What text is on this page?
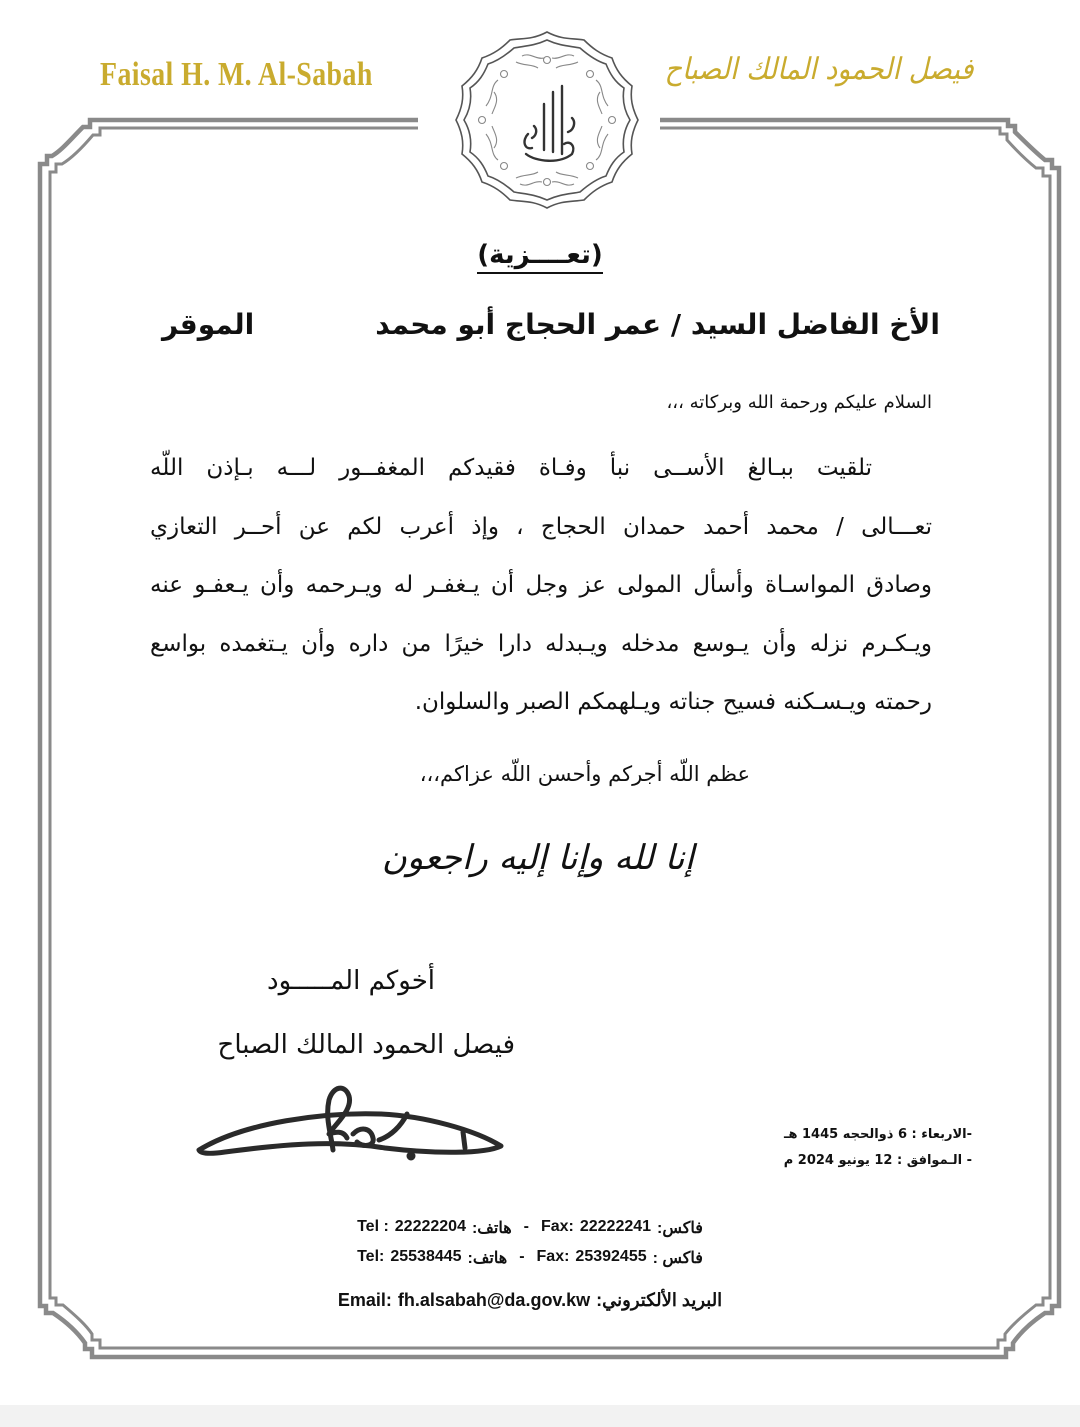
Faisal H. M. Al-Sabah	فيصل الحمود المالك الصباح
(تعــــزية)
الأخ الفاضل السيد / عمر الحجاج أبو محمد
الموقر
السلام عليكم ورحمة الله وبركاته ،،،
تلقيت ببـالغ الأســى نبأ وفـاة فقيدكم المغفــور لـــه بـإذن اللّه
تعـــالى / محمد أحمد حمدان الحجاج ، وإذ أعرب لكم عن أحــر التعازي
وصادق المواسـاة وأسأل المولى عز وجل أن يـغفـر له ويـرحمه وأن يـعفـو عنه
ويـكـرم نزله وأن يـوسع مدخله ويـبدله دارا خيرًا من داره وأن يـتغمده بواسع
رحمته ويـسـكنه فسيح جناته ويـلهمكم الصبر والسلوان.
عظم اللّه أجركم وأحسن اللّه عزاكم،،،
إنا لله وإنا إليه راجعون
أخوكم المـــــود
فيصل الحمود المالك الصباح
-الاربعاء : 6 ذوالحجه 1445 هـ
- الـموافق : 12 يونيو 2024 م
فاكس:
22222241
Fax:
-
هاتف:
22222204
Tel :
فاكس :
25392455
Fax:
-
هاتف:
25538445
Tel:
البريد الألكتروني:
fh.alsabah@da.gov.kw
Email:
